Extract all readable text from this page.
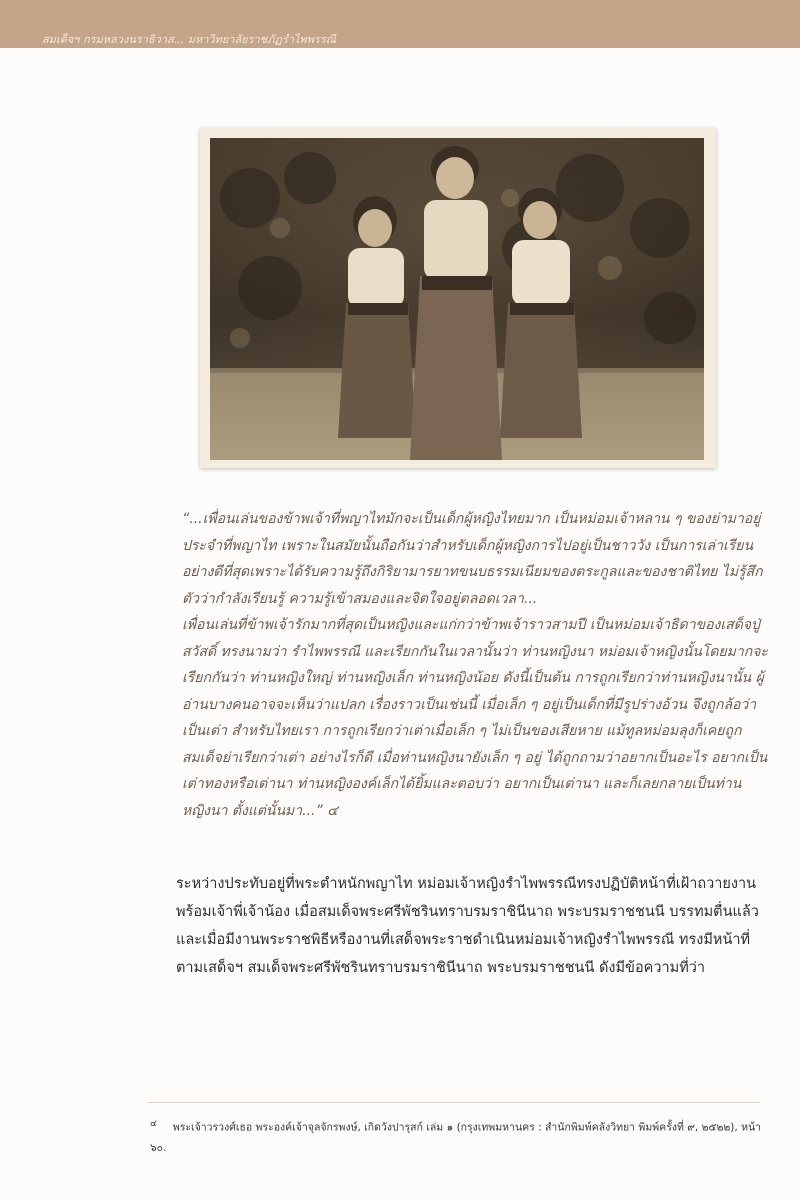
สมเด็จฯ กรมหลวงนราธิวาส... มหาวิทยาลัยราชภัฏรำไพพรรณี

“...เพื่อนเล่นของข้าพเจ้าที่พญาไทมักจะเป็นเด็กผู้หญิงไทยมาก เป็นหม่อมเจ้าหลาน ๆ ของย่ามาอยู่ประจำที่พญาไท เพราะในสมัยนั้นถือกันว่าสำหรับเด็กผู้หญิงการไปอยู่เป็นชาววัง เป็นการเล่าเรียนอย่างดีที่สุดเพราะได้รับความรู้ถึงกิริยามารยาทขนบธรรมเนียมของตระกูลและของชาติไทย ไม่รู้สึกตัวว่ากำลังเรียนรู้ ความรู้เข้าสมองและจิตใจอยู่ตลอดเวลา...

เพื่อนเล่นที่ข้าพเจ้ารักมากที่สุดเป็นหญิงและแก่กว่าข้าพเจ้าราวสามปี เป็นหม่อมเจ้าธิดาของเสด็จปู่สวัสดิ์ ทรงนามว่า รำไพพรรณี และเรียกกันในเวลานั้นว่า ท่านหญิงนา หม่อมเจ้าหญิงนั้นโดยมากจะเรียกกันว่า ท่านหญิงใหญ่ ท่านหญิงเล็ก ท่านหญิงน้อย ดังนี้เป็นต้น การถูกเรียกว่าท่านหญิงนานั้น ผู้อ่านบางคนอาจจะเห็นว่าแปลก เรื่องราวเป็นเช่นนี้ เมื่อเล็ก ๆ อยู่เป็นเด็กที่มีรูปร่างอ้วน จึงถูกล้อว่าเป็นเต่า สำหรับไทยเรา การถูกเรียกว่าเต่าเมื่อเล็ก ๆ ไม่เป็นของเสียหาย แม้ทูลหม่อมลุงก็เคยถูกสมเด็จย่าเรียกว่าเต่า อย่างไรก็ดี เมื่อท่านหญิงนายังเล็ก ๆ อยู่ ได้ถูกถามว่าอยากเป็นอะไร อยากเป็นเต่าทองหรือเต่านา ท่านหญิงองค์เล็กได้ยิ้มและตอบว่า อยากเป็นเต่านา และก็เลยกลายเป็นท่านหญิงนา ตั้งแต่นั้นมา...” ๔

ระหว่างประทับอยู่ที่พระตำหนักพญาไท หม่อมเจ้าหญิงรำไพพรรณีทรงปฏิบัติหน้าที่เฝ้าถวายงานพร้อมเจ้าพี่เจ้าน้อง เมื่อสมเด็จพระศรีพัชรินทราบรมราชินีนาถ พระบรมราชชนนี บรรทมตื่นแล้วและเมื่อมีงานพระราชพิธีหรืองานที่เสด็จพระราชดำเนินหม่อมเจ้าหญิงรำไพพรรณี ทรงมีหน้าที่ตามเสด็จฯ สมเด็จพระศรีพัชรินทราบรมราชินีนาถ พระบรมราชชนนี ดังมีข้อความที่ว่า
๔ พระเจ้าวรวงศ์เธอ พระองค์เจ้าจุลจักรพงษ์, เกิดวังปารุสก์ เล่ม ๑ (กรุงเทพมหานคร : สำนักพิมพ์คลังวิทยา พิมพ์ครั้งที่ ๙, ๒๕๒๒), หน้า ๖๐.
